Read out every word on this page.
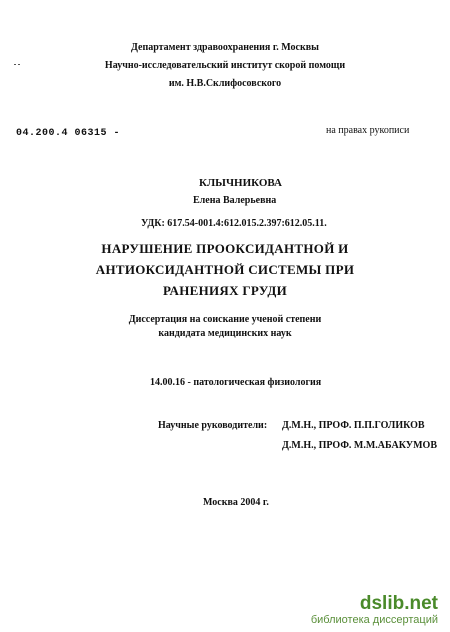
Департамент здравоохранения г. Москвы
Научно-исследовательский институт скорой помощи
им. Н.В.Склифосовского
04.200.4 06315 -	на правах рукописи
КЛЫЧНИКОВА
Елена Валерьевна
УДК: 617.54-001.4:612.015.2.397:612.05.11.
НАРУШЕНИЕ ПРООКСИДАНТНОЙ И
АНТИОКСИДАНТНОЙ СИСТЕМЫ ПРИ
РАНЕНИЯХ ГРУДИ
Диссертация на соискание ученой степени
кандидата медицинских наук
14.00.16 - патологическая физиология
Научные руководители: Д.М.Н., ПРОФ. П.П.ГОЛИКОВ
Д.М.Н., ПРОФ. М.М.АБАКУМОВ
Москва 2004 г.
dslib.net
библиотека диссертаций
